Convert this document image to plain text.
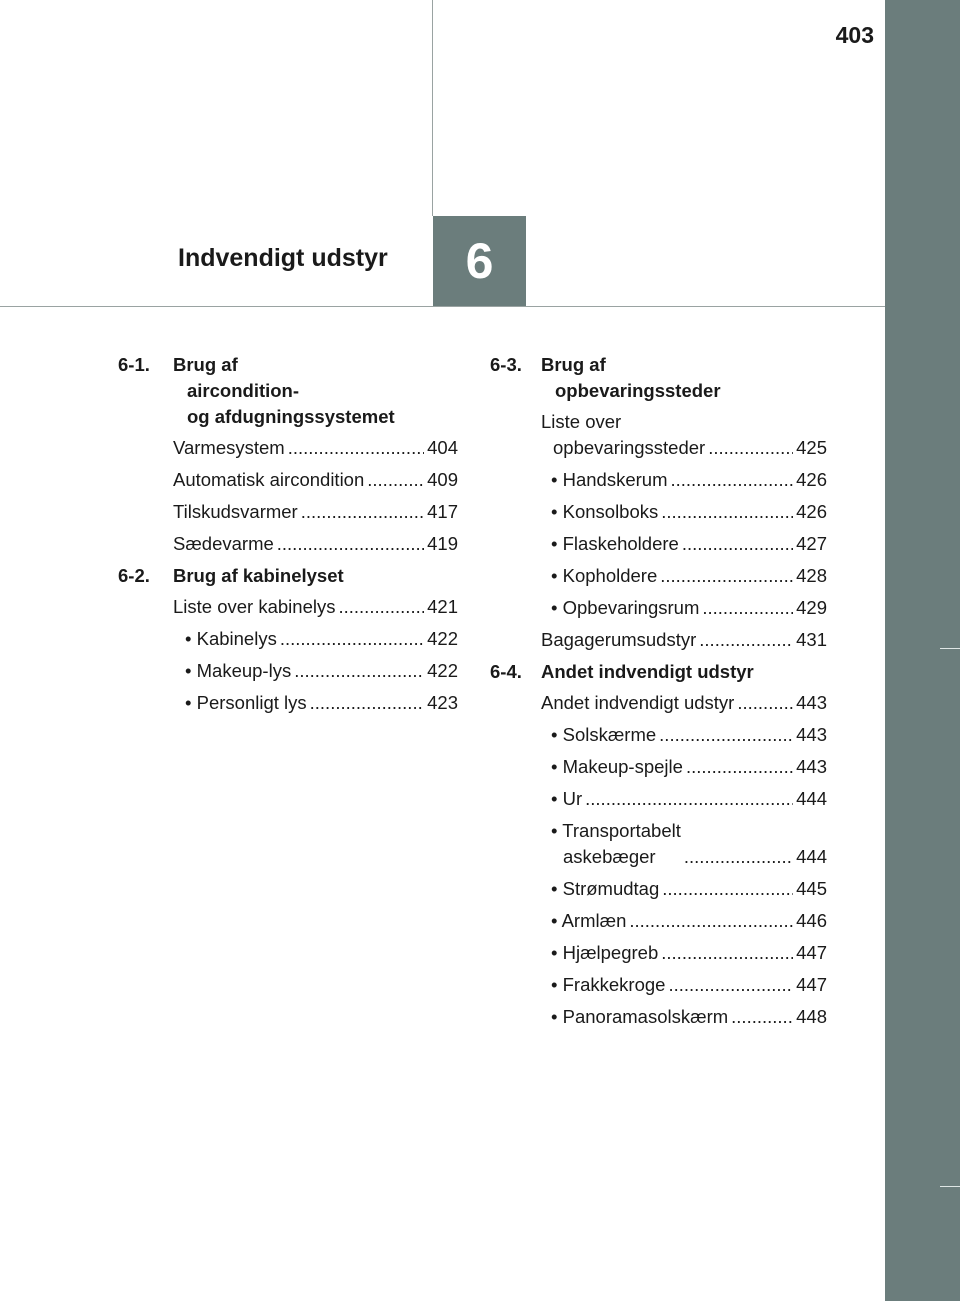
403
6
Indvendigt udstyr
6-1.	Brug af
aircondition-
og afdugningssystemet
Varmesystem .....	404
Automatisk aircondition .....	409
Tilskudsvarmer .....	417
Sædevarme .....	419
6-2.	Brug af kabinelyset
Liste over kabinelys .....	421
• Kabinelys .....	422
• Makeup-lys .....	422
• Personligt lys .....	423
6-3.	Brug af
opbevaringssteder
Liste over
opbevaringssteder .....	425
• Handskerum .....	426
• Konsolboks .....	426
• Flaskeholdere .....	427
• Kopholdere .....	428
• Opbevaringsrum .....	429
Bagagerumsudstyr .....	431
6-4.	Andet indvendigt udstyr
Andet indvendigt udstyr .....	443
• Solskærme .....	443
• Makeup-spejle .....	443
• Ur .....	444
• Transportabelt
askebæger .....	444
• Strømudtag .....	445
• Armlæn .....	446
• Hjælpegreb .....	447
• Frakkekroge .....	447
• Panoramasolskærm .....	448
